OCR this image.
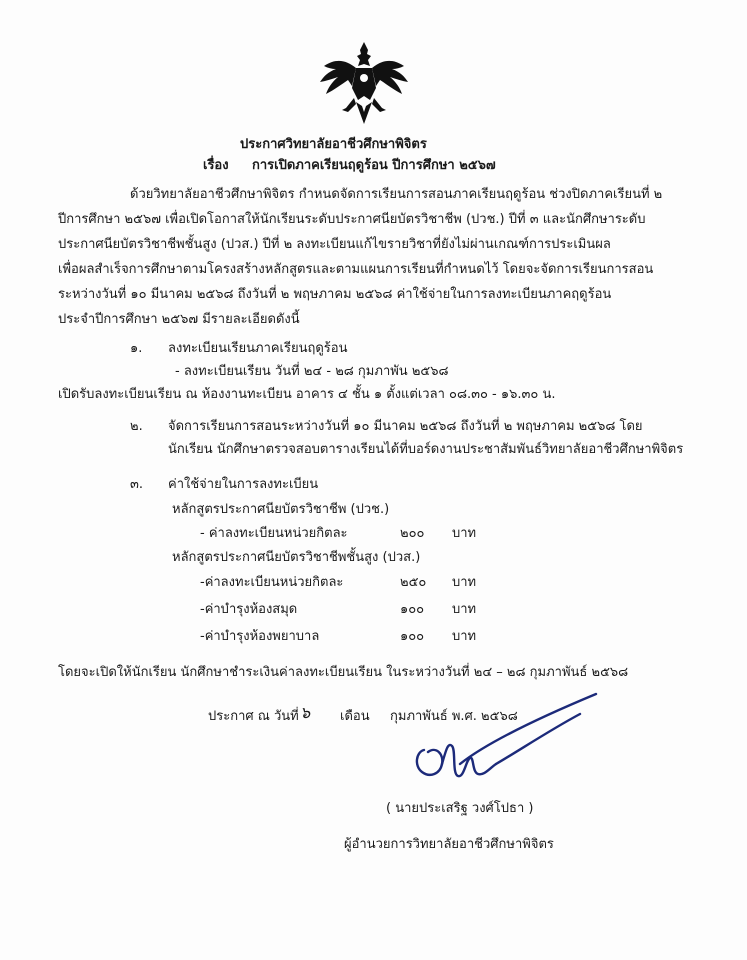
ประกาศวิทยาลัยอาชีวศึกษาพิจิตร
เรื่อง การเปิดภาคเรียนฤดูร้อน ปีการศึกษา ๒๕๖๗
ด้วยวิทยาลัยอาชีวศึกษาพิจิตร กำหนดจัดการเรียนการสอนภาคเรียนฤดูร้อน ช่วงปิดภาคเรียนที่ ๒
ปีการศึกษา ๒๕๖๗ เพื่อเปิดโอกาสให้นักเรียนระดับประกาศนียบัตรวิชาชีพ (ปวช.) ปีที่ ๓ และนักศึกษาระดับ
ประกาศนียบัตรวิชาชีพชั้นสูง (ปวส.) ปีที่ ๒ ลงทะเบียนแก้ไขรายวิชาที่ยังไม่ผ่านเกณฑ์การประเมินผล
เพื่อผลสำเร็จการศึกษาตามโครงสร้างหลักสูตรและตามแผนการเรียนที่กำหนดไว้ โดยจะจัดการเรียนการสอน
ระหว่างวันที่ ๑๐ มีนาคม ๒๕๖๘ ถึงวันที่ ๒ พฤษภาคม ๒๕๖๘ ค่าใช้จ่ายในการลงทะเบียนภาคฤดูร้อน
ประจำปีการศึกษา ๒๕๖๗ มีรายละเอียดดังนี้
๑. ลงทะเบียนเรียนภาคเรียนฤดูร้อน
- ลงทะเบียนเรียน วันที่ ๒๔ - ๒๘ กุมภาพัน ๒๕๖๘
เปิดรับลงทะเบียนเรียน ณ ห้องงานทะเบียน อาคาร ๔ ชั้น ๑ ตั้งแต่เวลา ๐๘.๓๐ - ๑๖.๓๐ น.
๒. จัดการเรียนการสอนระหว่างวันที่ ๑๐ มีนาคม ๒๕๖๘ ถึงวันที่ ๒ พฤษภาคม ๒๕๖๘ โดย
นักเรียน นักศึกษาตรวจสอบตารางเรียนได้ที่บอร์ดงานประชาสัมพันธ์วิทยาลัยอาชีวศึกษาพิจิตร
๓. ค่าใช้จ่ายในการลงทะเบียน
หลักสูตรประกาศนียบัตรวิชาชีพ (ปวช.)
- ค่าลงทะเบียนหน่วยกิตละ	๒๐๐ บาท
หลักสูตรประกาศนียบัตรวิชาชีพชั้นสูง (ปวส.)
-ค่าลงทะเบียนหน่วยกิตละ	๒๕๐ บาท
-ค่าบำรุงห้องสมุด	๑๐๐ บาท
-ค่าบำรุงห้องพยาบาล	๑๐๐ บาท
โดยจะเปิดให้นักเรียน นักศึกษาชำระเงินค่าลงทะเบียนเรียน ในระหว่างวันที่ ๒๔ – ๒๘ กุมภาพันธ์ ๒๕๖๘
ประกาศ ณ วันที่ ๖ เดือน กุมภาพันธ์ พ.ศ. ๒๕๖๘
( นายประเสริฐ วงศ์โปธา )
ผู้อำนวยการวิทยาลัยอาชีวศึกษาพิจิตร
